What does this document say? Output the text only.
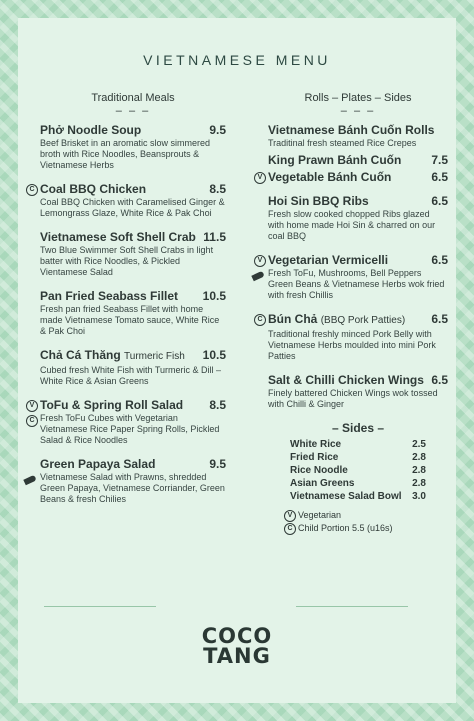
VIETNAMESE MENU
Traditional Meals
– – –
Phở Noodle Soup	9.5
Beef Brisket in an aromatic slow simmered broth with Rice Noodles, Beansprouts & Vietnamese Herbs
C Coal BBQ Chicken	8.5
Coal BBQ Chicken with Caramelised Ginger & Lemongrass Glaze, White Rice & Pak Choi
Vietnamese Soft Shell Crab 11.5
Two Blue Swimmer Soft Shell Crabs in light batter with Rice Noodles, & Pickled Vientamese Salad
Pan Fried Seabass Fillet 10.5
Fresh pan fried Seabass Fillet with home made Vietnamese Tomato sauce, White Rice & Pak Choi
Chả Cá Thăng Turmeric Fish 10.5
Cubed fresh White Fish with Turmeric & Dill – White Rice & Asian Greens
V
C
ToFu & Spring Roll Salad 8.5
Fresh ToFu Cubes with Vegetarian Vietnamese Rice Paper Spring Rolls, Pickled Salad & Rice Noodles
Green Papaya Salad	9.5
Vietnamese Salad with Prawns, shredded Green Papaya, Vietnamese Corriander, Green Beans & fresh Chilies
Rolls – Plates – Sides
– – –
Vietnamese Bánh Cuốn Rolls
Traditinal fresh steamed Rice Crepes
King Prawn Bánh Cuốn 7.5
V Vegetable Bánh Cuốn	6.5
Hoi Sin BBQ Ribs	6.5
Fresh slow cooked chopped Ribs glazed with home made Hoi Sin & charred on our coal BBQ
V Vegetarian Vermicelli	6.5
Fresh ToFu, Mushrooms, Bell Peppers Green Beans & Vietnamese Herbs wok fried with fresh Chillis
C Bún Chả (BBQ Pork Patties) 6.5
Traditional freshly minced Pork Belly with Vietnamese Herbs moulded into mini Pork Patties
Salt & Chilli Chicken Wings 6.5
Finely battered Chicken Wings wok tossed with Chilli & Ginger
– Sides –
White Rice	2.5
Fried Rice	2.8
Rice Noodle	2.8
Asian Greens	2.8
Vietnamese Salad Bowl 3.0
V Vegetarian
C Child Portion 5.5 (u16s)
COCO
TANG
